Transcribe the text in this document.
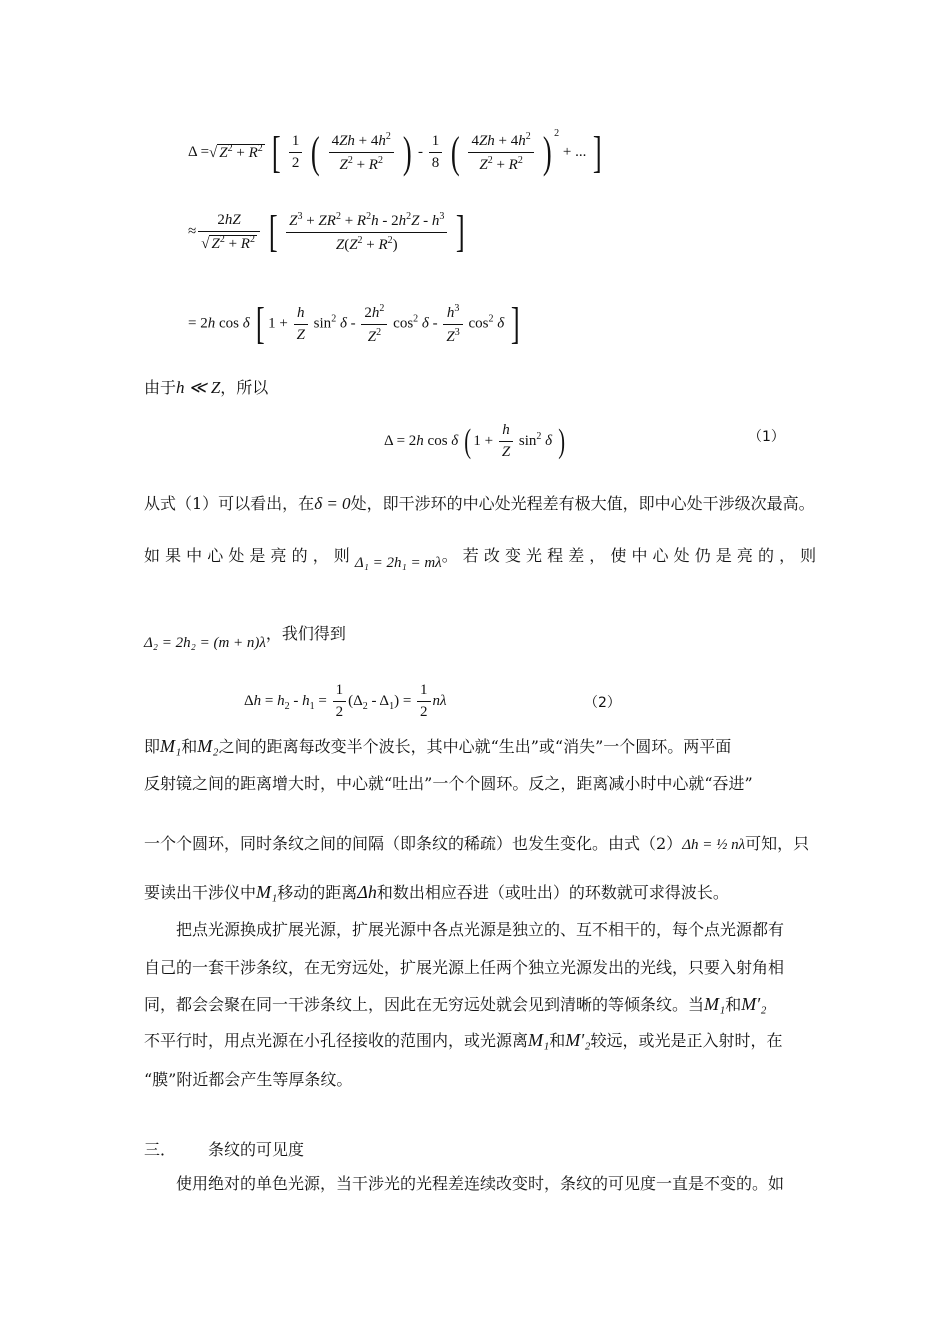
Δ =√ $Z^2 + R^2$ [ $\frac{1}{2}$ ( $\frac{4Zh + 4h^2}{Z^2 + R^2}$ ) - $\frac{1}{8}$ ( $\frac{4Zh + 4h^2}{Z^2 + R^2}$ ) $^2$ + ... ]
≈ $\frac{2hZ}{√ Z^2 + R^2}$ [ $\frac{Z^3 + ZR^2 + R^2h - 2h^2Z - h^3}{Z(Z^2 + R^2)}$ ]
= 2h cos δ [ $1 + \frac{h}{Z} \sin^2 \delta - \frac{2h^2}{Z^2} \cos^2 \delta - \frac{h^3}{Z^3} \cos^2 \delta$ ]
由于h ≪ Z，所以
Δ = 2h cos δ ( $1 + \frac{h}{Z} \sin^2 \delta$ )	（1）
从式（1）可以看出，在δ = 0处，即干涉环的中心处光程差有极大值，即中心处干涉级次最高。
如 果 中 心 处 是 亮 的 ， 则 Δ₁ = 2h₁ = mλ。 若 改 变 光 程 差 ， 使 中 心 处 仍 是 亮 的 ， 则
Δ₂ = 2h₂ = (m + n)λ，我们得到
$\Delta h = h_2 - h_1 = \frac{1}{2} (\Delta_2 - \Delta_1) = \frac{1}{2}$ nλ	（2）
即M₁和M₂之间的距离每改变半个波长，其中心就“生出”或“消失”一个圆环。两平面
反射镜之间的距离增大时，中心就“吐出”一个个圆环。反之，距离减小时中心就“吞进”
一个个圆环，同时条纹之间的间隔（即条纹的稀疏）也发生变化。由式（2）Δh = ½ nλ可知，只
要读出干涉仪中M₁移动的距离Δh和数出相应吞进（或吐出）的环数就可求得波长。
把点光源换成扩展光源，扩展光源中各点光源是独立的、互不相干的，每个点光源都有
自己的一套干涉条纹，在无穷远处，扩展光源上任两个独立光源发出的光线，只要入射角相
同，都会会聚在同一干涉条纹上，因此在无穷远处就会见到清晰的等倾条纹。当M₁和M′₂
不平行时，用点光源在小孔径接收的范围内，或光源离M₁和M′₂较远，或光是正入射时，在
“膜”附近都会产生等厚条纹。
三． 条纹的可见度
使用绝对的单色光源，当干涉光的光程差连续改变时，条纹的可见度一直是不变的。如
